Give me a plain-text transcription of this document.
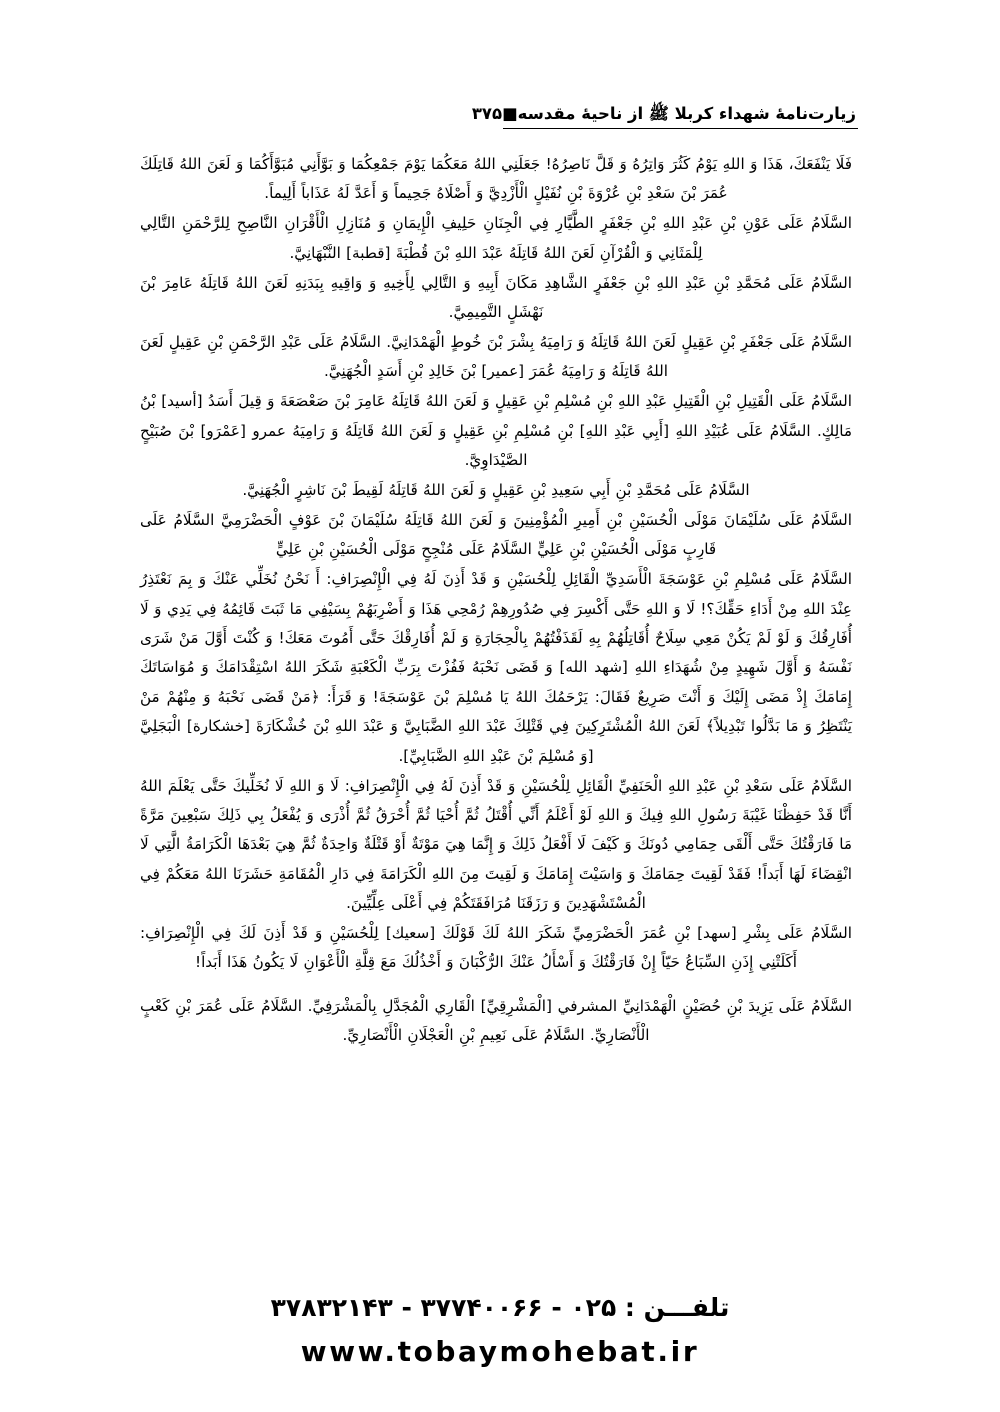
زیارت‌نامهٔ شهداء کربلا ﷺ از ناحیهٔ مقدسه■۳۷۵

فَلَا يَنْفَعَكَ، هَذَا وَ اللهِ يَوْمُ كَثُرَ وَاتِرُهُ وَ قَلَّ نَاصِرُهُ! جَعَلَنِي اللهُ مَعَكُمَا يَوْمَ جَمْعِكُمَا وَ بَوَّأَنِي مُبَوَّأَكُمَا وَ لَعَنَ اللهُ قَاتِلَكَ عُمَرَ بْنَ سَعْدِ بْنِ عُرْوَةَ بْنِ نُفَيْلٍ الْأَزْدِيَّ وَ أَصْلَاهُ جَحِيماً وَ أَعَدَّ لَهُ عَذَاباً أَلِيماً.

السَّلَامُ عَلَى عَوْنِ بْنِ عَبْدِ اللهِ بْنِ جَعْفَرٍ الطَّيَّارِ فِي الْجِنَانِ حَلِيفِ الْإِيمَانِ وَ مُنَازِلِ الْأَقْرَانِ النَّاصِحِ لِلرَّحْمَنِ التَّالِي لِلْمَثَانِي وَ الْقُرْآنِ لَعَنَ اللهُ قَاتِلَهُ عَبْدَ اللهِ بْنَ قُطْبَةَ [قطبة] النَّبْهَانِيَّ.

السَّلَامُ عَلَى مُحَمَّدِ بْنِ عَبْدِ اللهِ بْنِ جَعْفَرٍ الشَّاهِدِ مَكَانَ أَبِيهِ وَ التَّالِي لِأَخِيهِ وَ وَاقِيهِ بِبَدَنِهِ لَعَنَ اللهُ قَاتِلَهُ عَامِرَ بْنَ نَهْشَلٍ التَّمِيمِيَّ.

السَّلَامُ عَلَى جَعْفَرِ بْنِ عَقِيلٍ لَعَنَ اللهُ قَاتِلَهُ وَ رَامِيَهُ بِشْرَ بْنَ خُوطٍ الْهَمْدَانِيَّ. السَّلَامُ عَلَى عَبْدِ الرَّحْمَنِ بْنِ عَقِيلٍ لَعَنَ اللهُ قَاتِلَهُ وَ رَامِيَهُ عُمَرَ [عمير] بْنَ خَالِدِ بْنِ أَسَدٍ الْجُهَنِيَّ.

السَّلَامُ عَلَى الْقَتِيلِ بْنِ الْقَتِيلِ عَبْدِ اللهِ بْنِ مُسْلِمِ بْنِ عَقِيلٍ وَ لَعَنَ اللهُ قَاتِلَهُ عَامِرَ بْنَ صَعْصَعَةَ وَ قِيلَ أَسَدُ [أسيد] بْنُ مَالِكٍ. السَّلَامُ عَلَى عُبَيْدِ اللهِ [أَبِي عَبْدِ اللهِ] بْنِ مُسْلِمِ بْنِ عَقِيلٍ وَ لَعَنَ اللهُ قَاتِلَهُ وَ رَامِيَهُ عمرو [عَمْرَو] بْنَ صُبَيْحٍ الصَّيْدَاوِيَّ.

السَّلَامُ عَلَى مُحَمَّدِ بْنِ أَبِي سَعِيدِ بْنِ عَقِيلٍ وَ لَعَنَ اللهُ قَاتِلَهُ لَقِيطَ بْنَ نَاشِرٍ الْجُهَنِيَّ.

السَّلَامُ عَلَى سُلَيْمَانَ مَوْلَى الْحُسَيْنِ بْنِ أَمِيرِ الْمُؤْمِنِينَ وَ لَعَنَ اللهُ قَاتِلَهُ سُلَيْمَانَ بْنَ عَوْفٍ الْحَضْرَمِيَّ السَّلَامُ عَلَى قَارِبٍ مَوْلَى الْحُسَيْنِ بْنِ عَلِيٍّ السَّلَامُ عَلَى مُنْجِحٍ مَوْلَى الْحُسَيْنِ بْنِ عَلِيٍّ

السَّلَامُ عَلَى مُسْلِمِ بْنِ عَوْسَجَةَ الْأَسَدِيِّ الْقَائِلِ لِلْحُسَيْنِ وَ قَدْ أَذِنَ لَهُ فِي الْإِنْصِرَافِ: أَ نَحْنُ نُخَلِّي عَنْكَ وَ بِمَ نَعْتَذِرُ عِنْدَ اللهِ مِنْ أَدَاءِ حَقِّكَ؟! لَا وَ اللهِ حَتَّى أَكْسِرَ فِي صُدُورِهِمْ رُمْحِي هَذَا وَ أَضْرِبَهُمْ بِسَيْفِي مَا ثَبَتَ قَائِمُهُ فِي يَدِي وَ لَا أُفَارِقُكَ وَ لَوْ لَمْ يَكُنْ مَعِي سِلَاحٌ أُقَاتِلُهُمْ بِهِ لَقَذَفْتُهُمْ بِالْحِجَارَةِ وَ لَمْ أُفَارِقْكَ حَتَّى أَمُوتَ مَعَكَ! وَ كُنْتَ أَوَّلَ مَنْ شَرَى نَفْسَهُ وَ أَوَّلَ شَهِيدٍ مِنْ شُهَدَاءِ اللهِ [شهد الله] وَ قَضَى نَحْبَهُ فَفُزْتَ بِرَبِّ الْكَعْبَةِ شَكَرَ اللهُ اسْتِقْدَامَكَ وَ مُوَاسَاتَكَ إِمَامَكَ إِذْ مَضَى إِلَيْكَ وَ أَنْتَ صَرِيعٌ فَقَالَ: يَرْحَمُكَ اللهُ يَا مُسْلِمَ بْنَ عَوْسَجَةَ! وَ قَرَأَ: ﴿مَنْ قَضَى نَحْبَهُ وَ مِنْهُمْ مَنْ يَنْتَظِرُ وَ مَا بَدَّلُوا تَبْدِيلاً﴾ لَعَنَ اللهُ الْمُشْتَرِكِينَ فِي قَتْلِكَ عَبْدَ اللهِ الضَّبَابِيَّ وَ عَبْدَ اللهِ بْنَ خُشْكَارَةَ [خشكارة] الْبَجَلِيَّ [وَ مُسْلِمَ بْنَ عَبْدِ اللهِ الضَّبَابِيِّ].

السَّلَامُ عَلَى سَعْدِ بْنِ عَبْدِ اللهِ الْحَنَفِيِّ الْقَائِلِ لِلْحُسَيْنِ وَ قَدْ أَذِنَ لَهُ فِي الْإِنْصِرَافِ: لَا وَ اللهِ لَا نُخَلِّيكَ حَتَّى يَعْلَمَ اللهُ أَنَّا قَدْ حَفِظْنَا غَيْبَةَ رَسُولِ اللهِ فِيكَ وَ اللهِ لَوْ أَعْلَمُ أَنِّي أُقْتَلُ ثُمَّ أُحْيَا ثُمَّ أُحْرَقُ ثُمَّ أُذْرَى وَ يُفْعَلُ بِي ذَلِكَ سَبْعِينَ مَرَّةً مَا فَارَقْتُكَ حَتَّى أَلْقَى حِمَامِي دُونَكَ وَ كَيْفَ لَا أَفْعَلُ ذَلِكَ وَ إِنَّمَا هِيَ مَوْتَةٌ أَوْ قَتْلَةٌ وَاحِدَةٌ ثُمَّ هِيَ بَعْدَهَا الْكَرَامَةُ الَّتِي لَا انْقِضَاءَ لَهَا أَبَداً! فَقَدْ لَقِيتَ حِمَامَكَ وَ وَاسَيْتَ إِمَامَكَ وَ لَقِيتَ مِنَ اللهِ الْكَرَامَةَ فِي دَارِ الْمُقَامَةِ حَشَرَنَا اللهُ مَعَكُمْ فِي الْمُسْتَشْهَدِينَ وَ رَزَقَنَا مُرَافَقَتَكُمْ فِي أَعْلَى عِلِّيِّينَ.

السَّلَامُ عَلَى بِشْرِ [سهد] بْنِ عُمَرَ الْحَضْرَمِيِّ شَكَرَ اللهُ لَكَ قَوْلَكَ [سعيك] لِلْحُسَيْنِ وَ قَدْ أَذِنَ لَكَ فِي الْإِنْصِرَافِ: أَكَلَتْنِي إِذَنِ السِّبَاعُ حَيّاً إِنْ فَارَقْتُكَ وَ أَسْأَلُ عَنْكَ الرُّكْبَانَ وَ أَخْذُلُكَ مَعَ قِلَّةِ الْأَعْوَانِ لَا يَكُونُ هَذَا أَبَداً!

السَّلَامُ عَلَى يَزِيدَ بْنِ حُصَيْنٍ الْهَمْدَانِيِّ المشرفي [الْمَشْرِقِيِّ] الْقَارِي الْمُجَدَّلِ بِالْمَشْرَفِيِّ. السَّلَامُ عَلَى عُمَرَ بْنِ كَعْبٍ الْأَنْصَارِيِّ. السَّلَامُ عَلَى نَعِيمِ بْنِ الْعَجْلَانِ الْأَنْصَارِيِّ.

تلفـــن : ۰۲۵ - ۳۷۷۴۰۰۶۶ - ۳۷۸۳۲۱۴۳
www.tobaymohebat.ir
